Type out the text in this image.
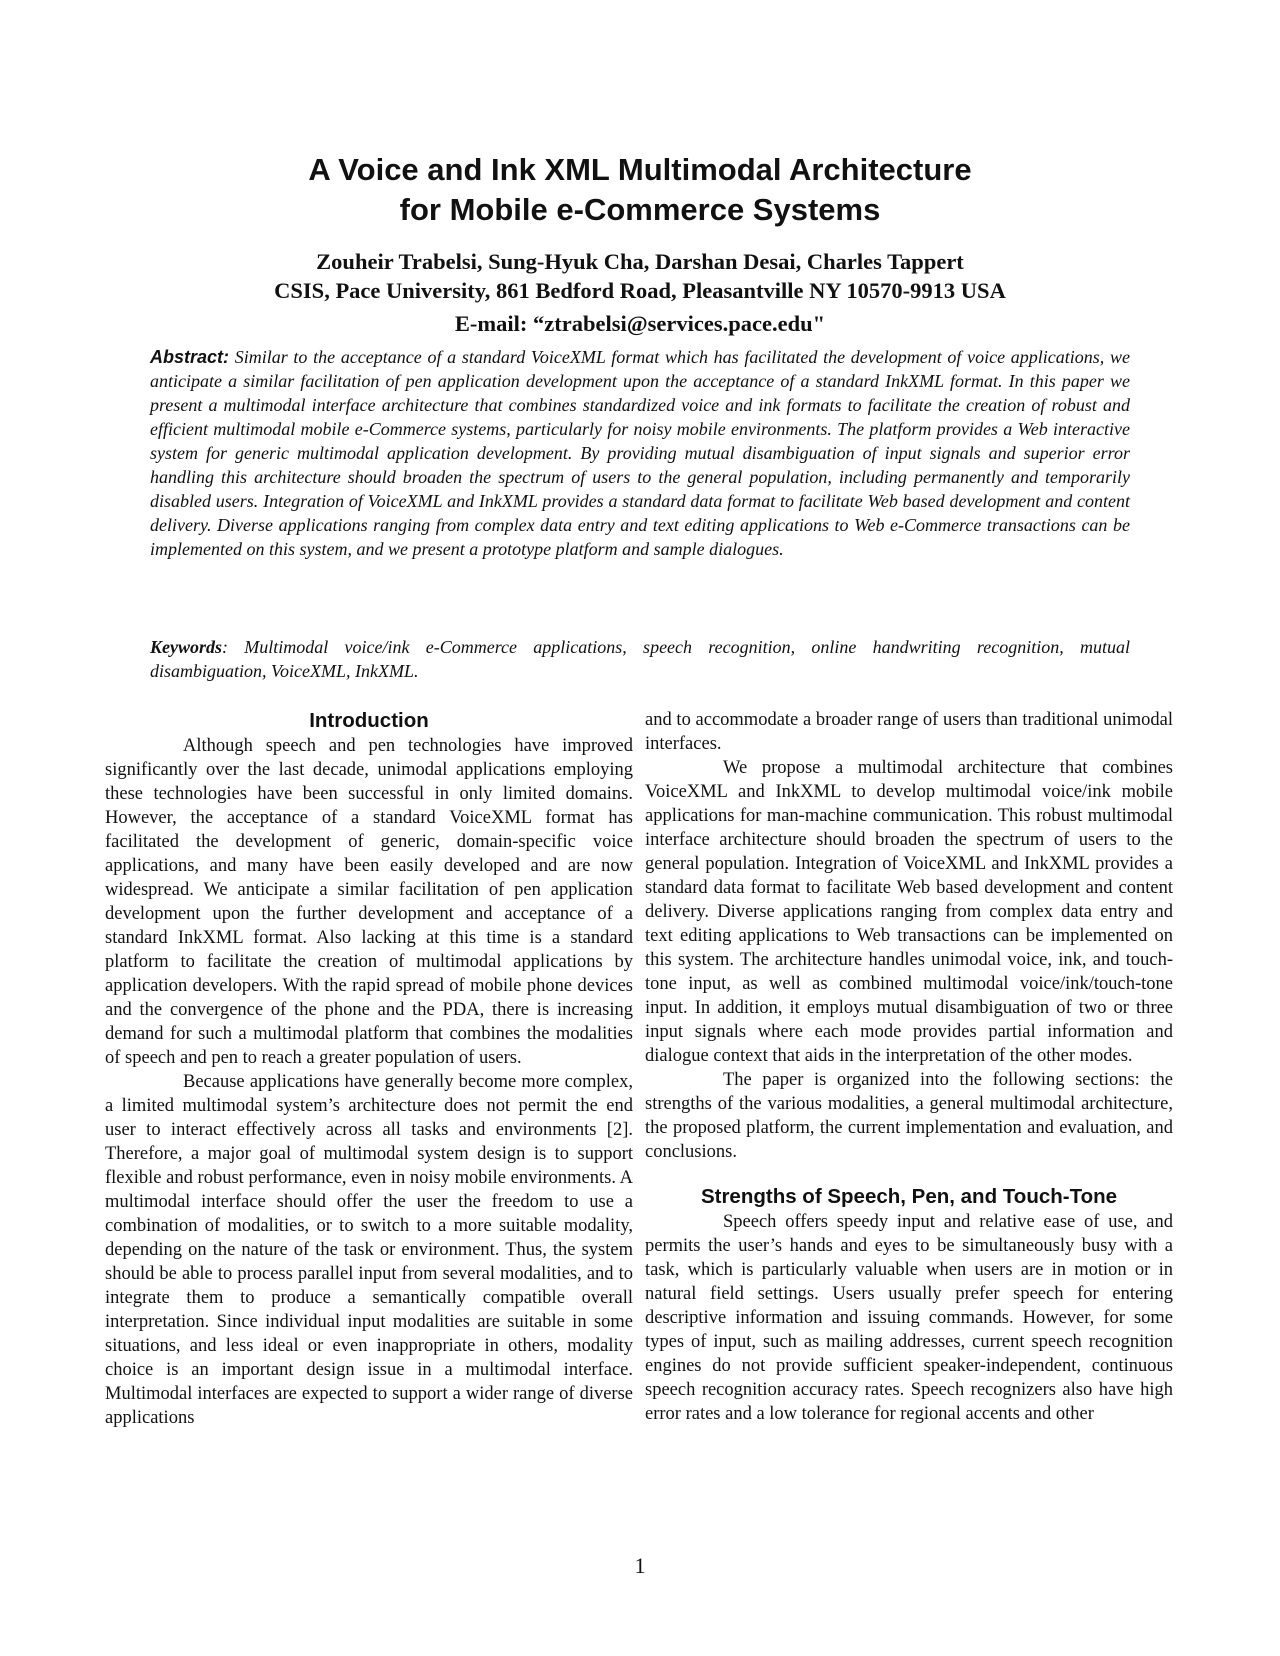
A Voice and Ink XML Multimodal Architecture
for Mobile e-Commerce Systems
Zouheir Trabelsi, Sung-Hyuk Cha, Darshan Desai, Charles Tappert
CSIS, Pace University, 861 Bedford Road, Pleasantville NY 10570-9913 USA
E-mail: “ztrabelsi@services.pace.edu"

Abstract: Similar to the acceptance of a standard VoiceXML format which has facilitated the development of voice applications, we anticipate a similar facilitation of pen application development upon the acceptance of a standard InkXML format. In this paper we present a multimodal interface architecture that combines standardized voice and ink formats to facilitate the creation of robust and efficient multimodal mobile e-Commerce systems, particularly for noisy mobile environments. The platform provides a Web interactive system for generic multimodal application development. By providing mutual disambiguation of input signals and superior error handling this architecture should broaden the spectrum of users to the general population, including permanently and temporarily disabled users. Integration of VoiceXML and InkXML provides a standard data format to facilitate Web based development and content delivery. Diverse applications ranging from complex data entry and text editing applications to Web e-Commerce transactions can be implemented on this system, and we present a prototype platform and sample dialogues.

Keywords: Multimodal voice/ink e-Commerce applications, speech recognition, online handwriting recognition, mutual disambiguation, VoiceXML, InkXML.

Introduction

Although speech and pen technologies have improved significantly over the last decade, unimodal applications employing these technologies have been successful in only limited domains. However, the acceptance of a standard VoiceXML format has facilitated the development of generic, domain-specific voice applications, and many have been easily developed and are now widespread. We anticipate a similar facilitation of pen application development upon the further development and acceptance of a standard InkXML format. Also lacking at this time is a standard platform to facilitate the creation of multimodal applications by application developers. With the rapid spread of mobile phone devices and the convergence of the phone and the PDA, there is increasing demand for such a multimodal platform that combines the modalities of speech and pen to reach a greater population of users.

Because applications have generally become more complex, a limited multimodal system’s architecture does not permit the end user to interact effectively across all tasks and environments [2]. Therefore, a major goal of multimodal system design is to support flexible and robust performance, even in noisy mobile environments. A multimodal interface should offer the user the freedom to use a combination of modalities, or to switch to a more suitable modality, depending on the nature of the task or environment. Thus, the system should be able to process parallel input from several modalities, and to integrate them to produce a semantically compatible overall interpretation. Since individual input modalities are suitable in some situations, and less ideal or even inappropriate in others, modality choice is an important design issue in a multimodal interface. Multimodal interfaces are expected to support a wider range of diverse applications

and to accommodate a broader range of users than traditional unimodal interfaces.

We propose a multimodal architecture that combines VoiceXML and InkXML to develop multimodal voice/ink mobile applications for man-machine communication. This robust multimodal interface architecture should broaden the spectrum of users to the general population. Integration of VoiceXML and InkXML provides a standard data format to facilitate Web based development and content delivery. Diverse applications ranging from complex data entry and text editing applications to Web transactions can be implemented on this system. The architecture handles unimodal voice, ink, and touch-tone input, as well as combined multimodal voice/ink/touch-tone input. In addition, it employs mutual disambiguation of two or three input signals where each mode provides partial information and dialogue context that aids in the interpretation of the other modes.

The paper is organized into the following sections: the strengths of the various modalities, a general multimodal architecture, the proposed platform, the current implementation and evaluation, and conclusions.

Strengths of Speech, Pen, and Touch-Tone

Speech offers speedy input and relative ease of use, and permits the user’s hands and eyes to be simultaneously busy with a task, which is particularly valuable when users are in motion or in natural field settings. Users usually prefer speech for entering descriptive information and issuing commands. However, for some types of input, such as mailing addresses, current speech recognition engines do not provide sufficient speaker-independent, continuous speech recognition accuracy rates. Speech recognizers also have high error rates and a low tolerance for regional accents and other

1
